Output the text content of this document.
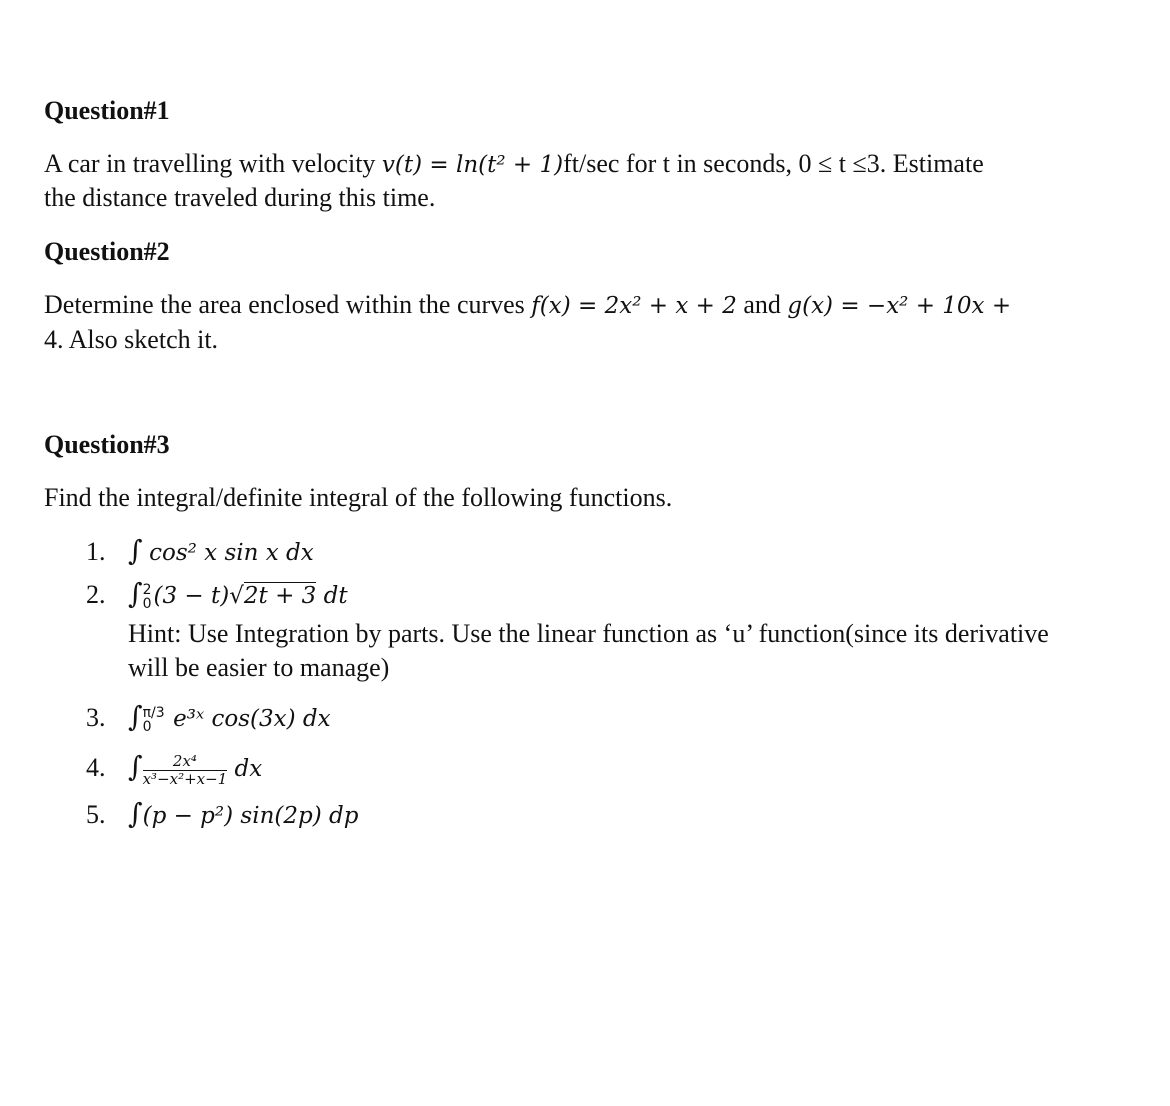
Question#1
A car in travelling with velocity v(t) = ln(t² + 1)ft/sec for t in seconds, 0 ≤ t ≤3. Estimate
the distance traveled during this time.
Question#2
Determine the area enclosed within the curves f(x) = 2x² + x + 2 and g(x) = −x² + 10x +
4. Also sketch it.
Question#3
Find the integral/definite integral of the following functions.
1. ∫ cos² x sin x dx
2. ∫ 2
0 (3 − t)√2t + 3 dt
Hint: Use Integration by parts. Use the linear function as ‘u’ function(since its derivative
will be easier to manage)
3. ∫ π/3
0 e³ˣ cos(3x) dx
4. ∫ $\frac{\text{2x⁴}}{\text{x³−x²+x−1}}$ dx
5. ∫(p − p²) sin(2p) dp
